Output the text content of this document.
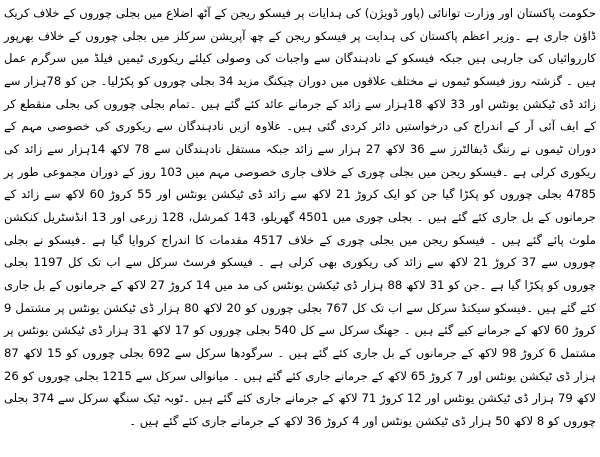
حکومت پاکستان اور وزارت توانائی (پاور ڈویژن) کی ہدایات پر فیسکو ریجن کے آٹھ اضلاع میں بجلی چوروں کے خلاف کریک ڈاؤن جاری ہے ۔وزیر اعظم پاکستان کی ہدایت پر فیسکو ریجن کے چھ آپریشن سرکلز میں بجلی چوروں کے خلاف بھرپور کارروائیاں کی جارہی ہیں جبکہ فیسکو کے نادہندگان سے واجبات کی وصولی کیلئے ریکوری ٹیمیں فیلڈ میں سرگرم عمل ہیں ۔ گزشتہ روز فیسکو ٹیموں نے مختلف علاقوں میں دوران چیکنگ مزید 34 بجلی چوروں کو پکڑلیا۔ جن کو 78ہزار سے زائد ڈی ٹیکشن یونٹس اور 33 لاکھ 18ہزار سے زائد کے جرمانے عائد کئے گئے ہیں ۔تمام بجلی چوروں کی بجلی منقطع کر کے ایف آئی آر کے اندراج کی درخواستیں دائر کردی گئی ہیں۔ علاوہ ازیں نادہندگان سے ریکوری کی خصوصی مہم کے دوران ٹیموں نے رننگ ڈیفالٹرز سے 36 لاکھ 27 ہزار سے زائد جبکہ مستقل نادہندگان سے 78 لاکھ 14ہزار سے زائد کی ریکوری کرلی ہے ۔فیسکو ریجن میں بجلی چوری کے خلاف جاری خصوصی مہم میں 103 روز کے دوران مجموعی طور پر 4785 بجلی چوروں کو پکڑا گیا جن کو ایک کروڑ 21 لاکھ سے زائد ڈی ٹیکشن یونٹس اور 55 کروڑ 60 لاکھ سے زائد کے جرمانوں کے بل جاری کئے گئے ہیں ۔ بجلی چوری میں 4501 گھریلو، 143 کمرشل، 128 زرعی اور 13 انڈسٹریل کنکشن ملوث پائے گئے ہیں ۔ فیسکو ریجن میں بجلی چوری کے خلاف 4517 مقدمات کا اندراج کروایا گیا ہے ۔فیسکو نے بجلی چوروں سے 37 کروڑ 21 لاکھ سے زائد کی ریکوری بھی کرلی ہے ۔ فیسکو فرسٹ سرکل سے اب تک کل 1197 بجلی چوروں کو پکڑا گیا ہے ۔جن کو 31 لاکھ 88 ہزار ڈی ٹیکشن یونٹس کی مد میں 14 کروڑ 27 لاکھ کے جرمانوں کے بل جاری کئے گئے ہیں ۔فیسکو سیکنڈ سرکل سے اب تک کل 767 بجلی چوروں کو 20 لاکھ 80 ہزار ڈی ٹیکشن یونٹس پر مشتمل 9 کروڑ 60 لاکھ کے جرمانے کیے گئے ہیں ۔ جھنگ سرکل سے کل 540 بجلی چوروں کو 17 لاکھ 31 ہزار ڈی ٹیکشن یونٹس پر مشتمل 6 کروڑ 98 لاکھ کے جرمانوں کے بل جاری کئے گئے ہیں ۔ سرگودھا سرکل سے 692 بجلی چوروں کو 15 لاکھ 87 ہزار ڈی ٹیکشن یونٹس اور 7 کروڑ 65 لاکھ کے جرمانے جاری کئے گئے ہیں ۔ میانوالی سرکل سے 1215 بجلی چوروں کو 26 لاکھ 79 ہزار ڈی ٹیکشن یونٹس اور 12 کروڑ 71 لاکھ کے جرمانے جاری کئے گئے ہیں ۔ٹوبہ ٹیک سنگھ سرکل سے 374 بجلی چوروں کو 8 لاکھ 50 ہزار ڈی ٹیکشن یونٹس اور 4 کروڑ 36 لاکھ کے جرمانے جاری کئے گئے ہیں ۔
